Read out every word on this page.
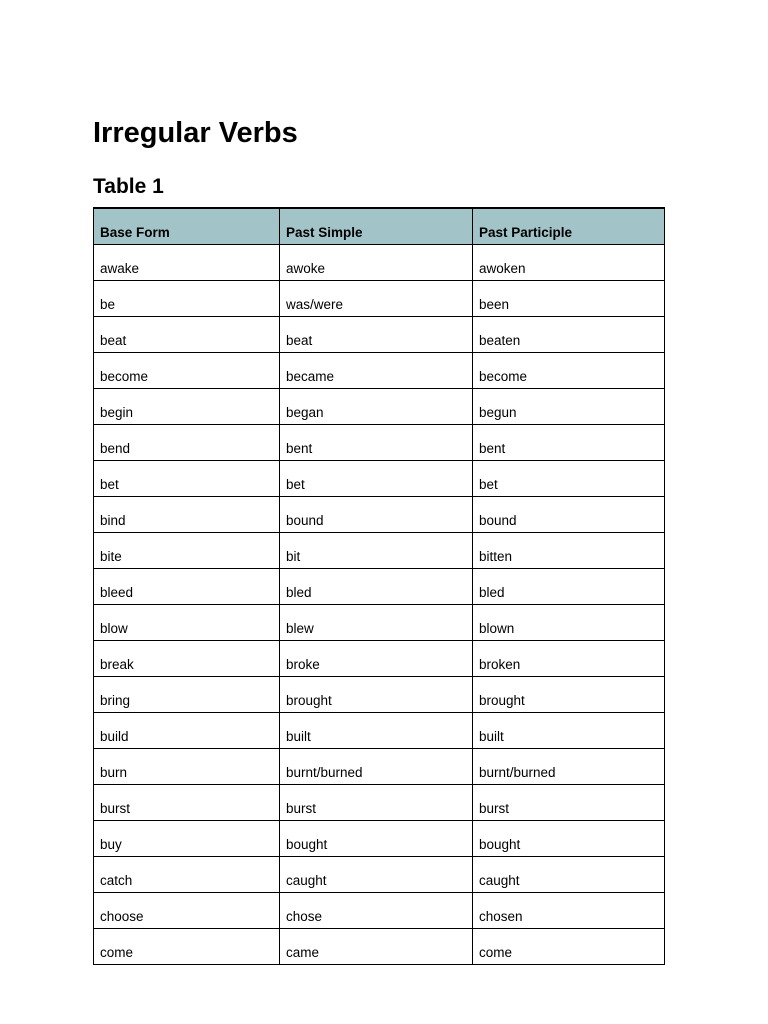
Irregular Verbs
Table 1
Base Form	Past Simple	Past Participle
awake	awoke	awoken
be	was/were	been
beat	beat	beaten
become	became	become
begin	began	begun
bend	bent	bent
bet	bet	bet
bind	bound	bound
bite	bit	bitten
bleed	bled	bled
blow	blew	blown
break	broke	broken
bring	brought	brought
build	built	built
burn	burnt/burned	burnt/burned
burst	burst	burst
buy	bought	bought
catch	caught	caught
choose	chose	chosen
come	came	come
